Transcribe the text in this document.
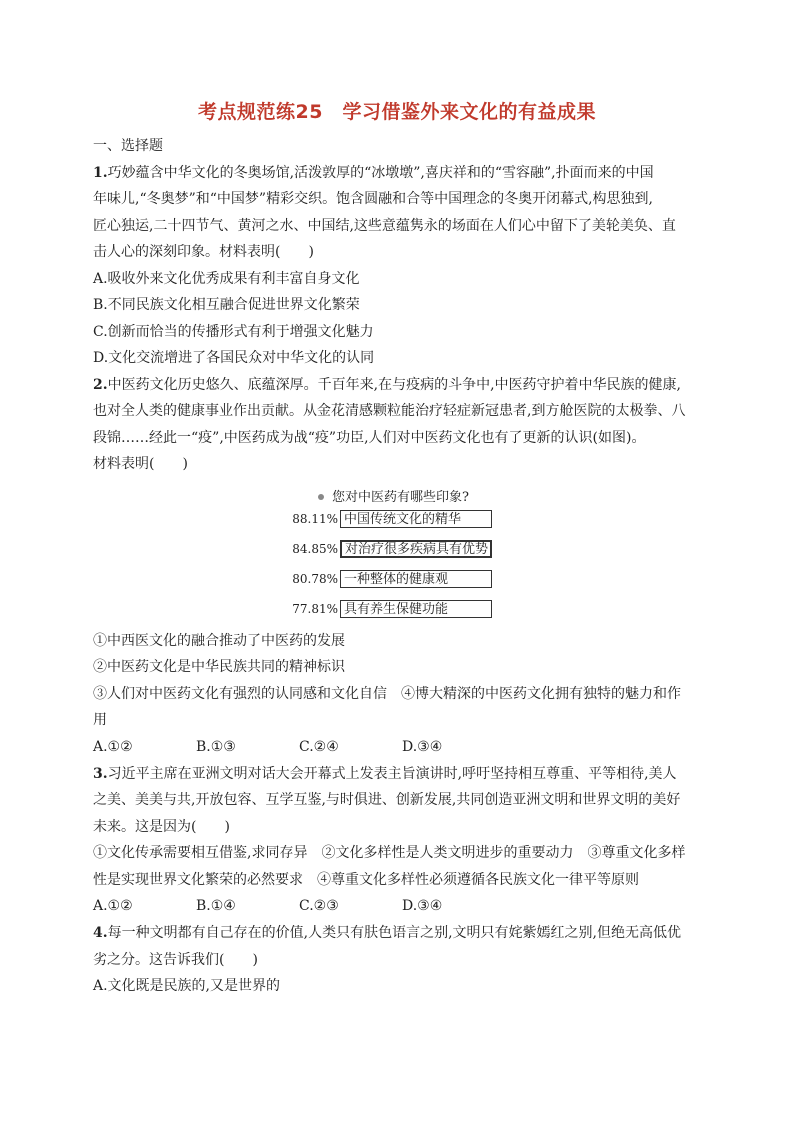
考点规范练25　学习借鉴外来文化的有益成果
一、选择题
1.巧妙蕴含中华文化的冬奥场馆,活泼敦厚的“冰墩墩”,喜庆祥和的“雪容融”,扑面而来的中国
年味儿,“冬奥梦”和“中国梦”精彩交织。饱含圆融和合等中国理念的冬奥开闭幕式,构思独到,
匠心独运,二十四节气、黄河之水、中国结,这些意蕴隽永的场面在人们心中留下了美轮美奂、直
击人心的深刻印象。材料表明(　　)
A.吸收外来文化优秀成果有利丰富自身文化
B.不同民族文化相互融合促进世界文化繁荣
C.创新而恰当的传播形式有利于增强文化魅力
D.文化交流增进了各国民众对中华文化的认同
2.中医药文化历史悠久、底蕴深厚。千百年来,在与疫病的斗争中,中医药守护着中华民族的健康,
也对全人类的健康事业作出贡献。从金花清感颗粒能治疗轻症新冠患者,到方舱医院的太极拳、八
段锦……经此一“疫”,中医药成为战“疫”功臣,人们对中医药文化也有了更新的认识(如图)。
材料表明(　　)
您对中医药有哪些印象?
88.11% 中国传统文化的精华
84.85% 对治疗很多疾病具有优势
80.78% 一种整体的健康观
77.81% 具有养生保健功能
①中西医文化的融合推动了中医药的发展
②中医药文化是中华民族共同的精神标识
③人们对中医药文化有强烈的认同感和文化自信　④博大精深的中医药文化拥有独特的魅力和作
用
A.①②	B.①③	C.②④	D.③④
3.习近平主席在亚洲文明对话大会开幕式上发表主旨演讲时,呼吁坚持相互尊重、平等相待,美人
之美、美美与共,开放包容、互学互鉴,与时俱进、创新发展,共同创造亚洲文明和世界文明的美好
未来。这是因为(　　)
①文化传承需要相互借鉴,求同存异　②文化多样性是人类文明进步的重要动力　③尊重文化多样
性是实现世界文化繁荣的必然要求　④尊重文化多样性必须遵循各民族文化一律平等原则
A.①②	B.①④	C.②③	D.③④
4.每一种文明都有自己存在的价值,人类只有肤色语言之别,文明只有姹紫嫣红之别,但绝无高低优
劣之分。这告诉我们(　　)
A.文化既是民族的,又是世界的
